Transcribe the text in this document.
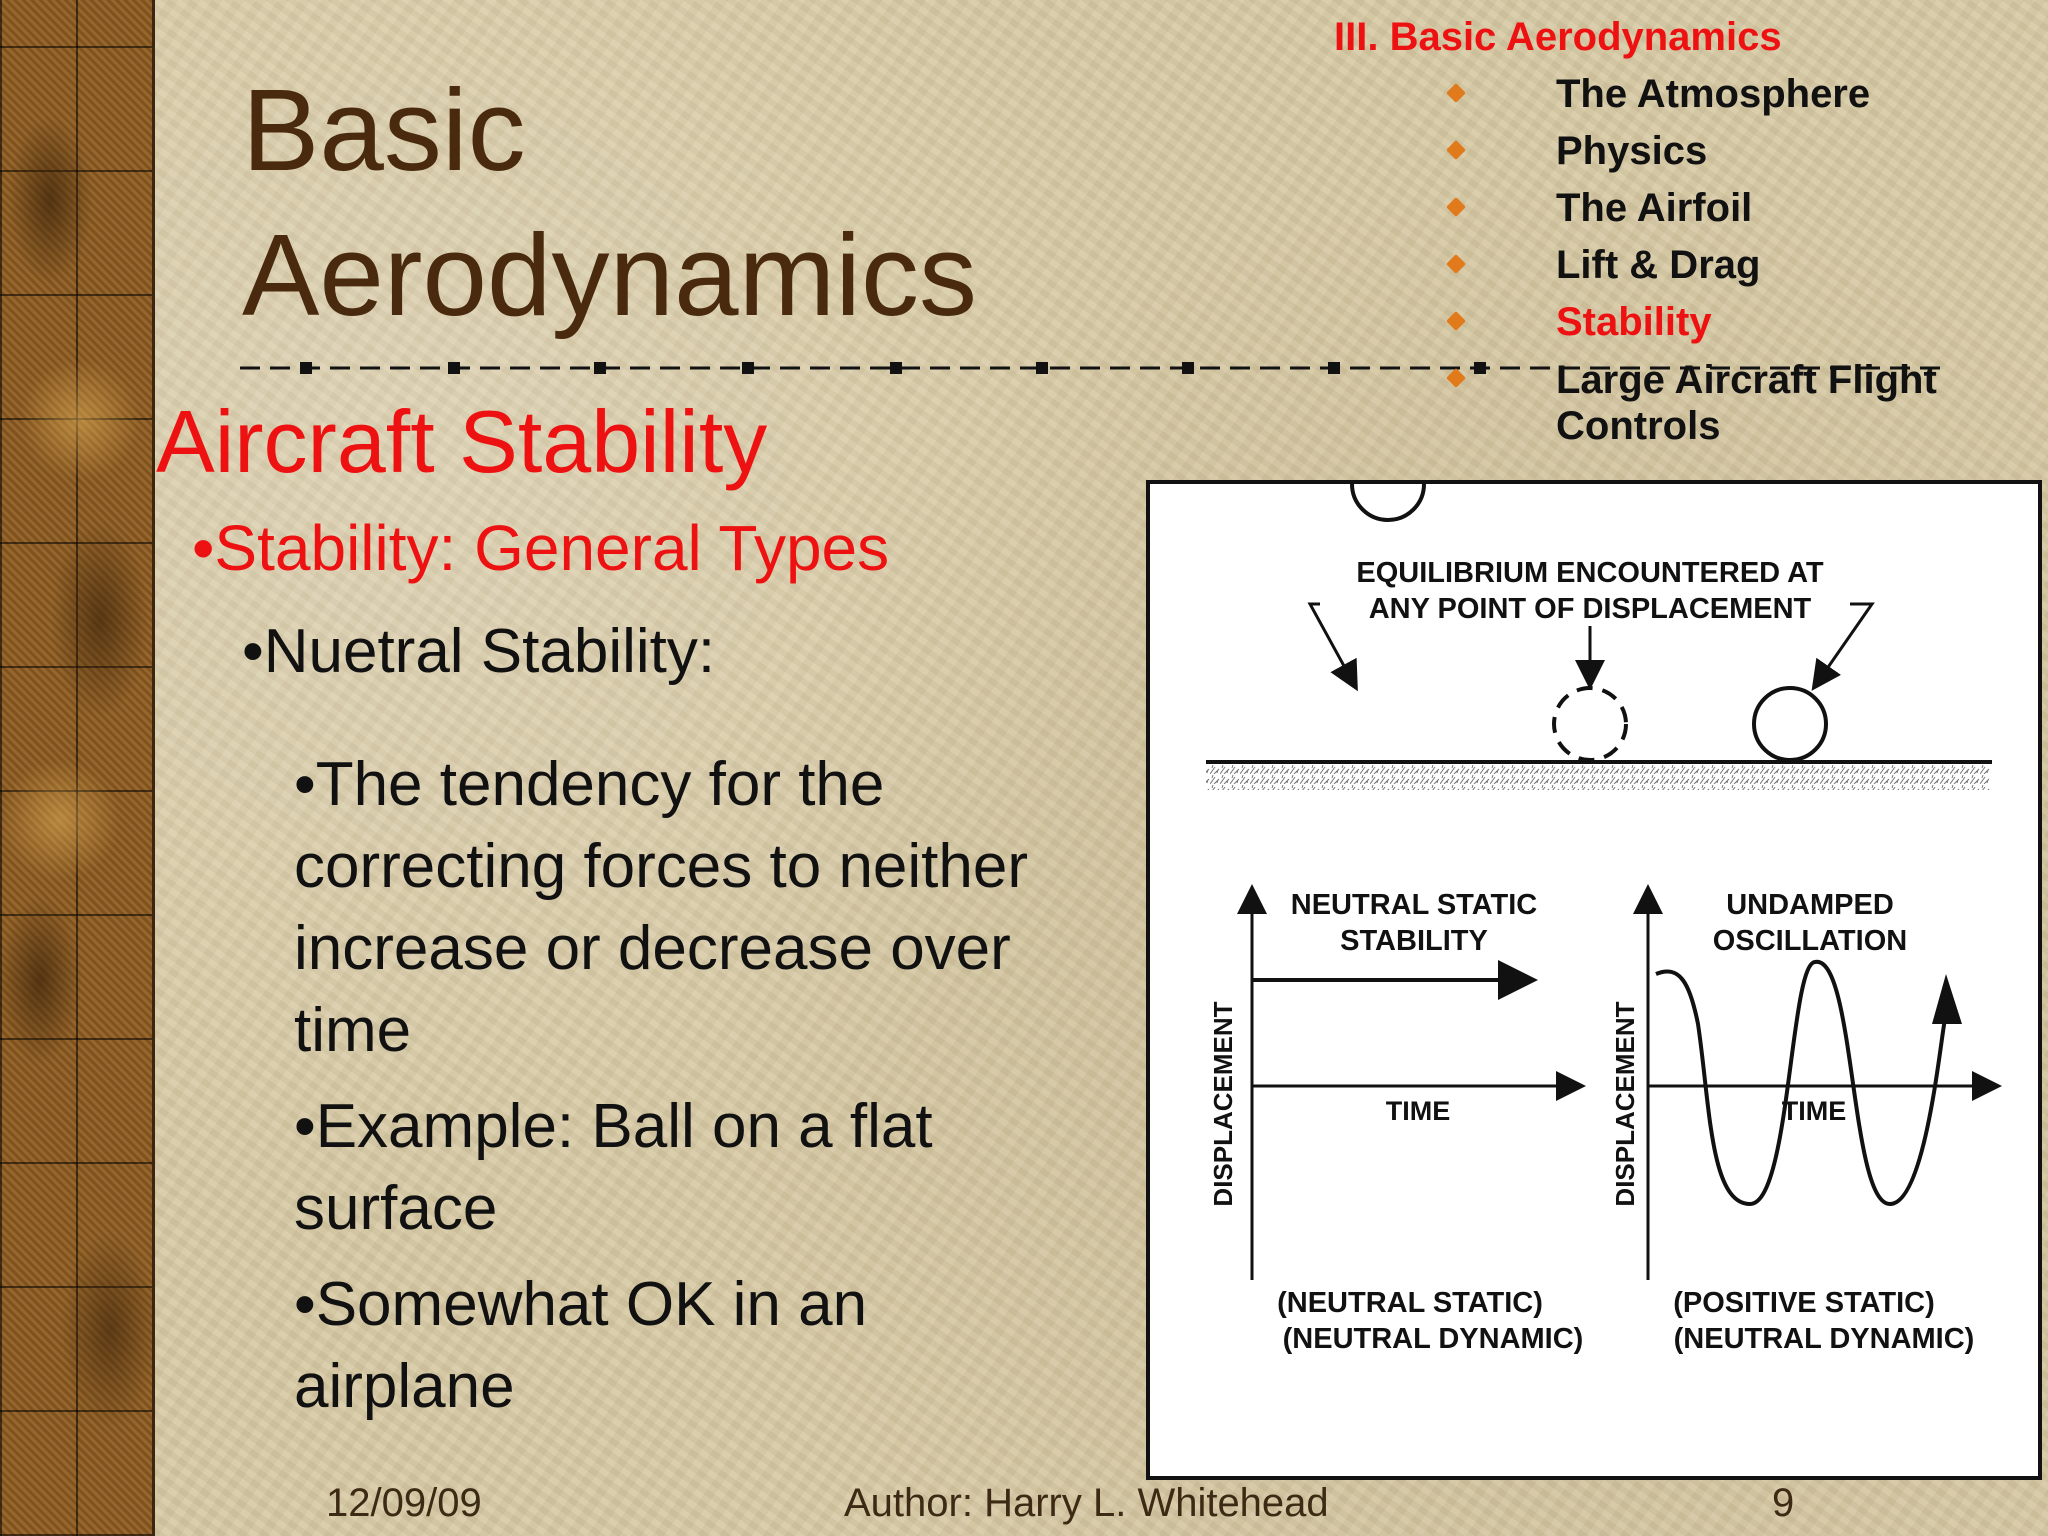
Basic
Aerodynamics
III. Basic Aerodynamics
The Atmosphere
Physics
The Airfoil
Lift & Drag
Stability
Large Aircraft Flight Controls
Aircraft Stability
•Stability: General Types
•Nuetral Stability:
•The tendency for the correcting forces to neither increase or decrease over time
•Example: Ball on a flat surface
•Somewhat OK in an airplane
EQUILIBRIUM ENCOUNTERED AT
ANY POINT OF DISPLACEMENT
NEUTRAL STATIC
STABILITY
DISPLACEMENT	TIME
(NEUTRAL STATIC)
(NEUTRAL DYNAMIC)
UNDAMPED
OSCILLATION
DISPLACEMENT	TIME
(POSITIVE STATIC)
(NEUTRAL DYNAMIC)
12/09/09	Author: Harry L. Whitehead	9
